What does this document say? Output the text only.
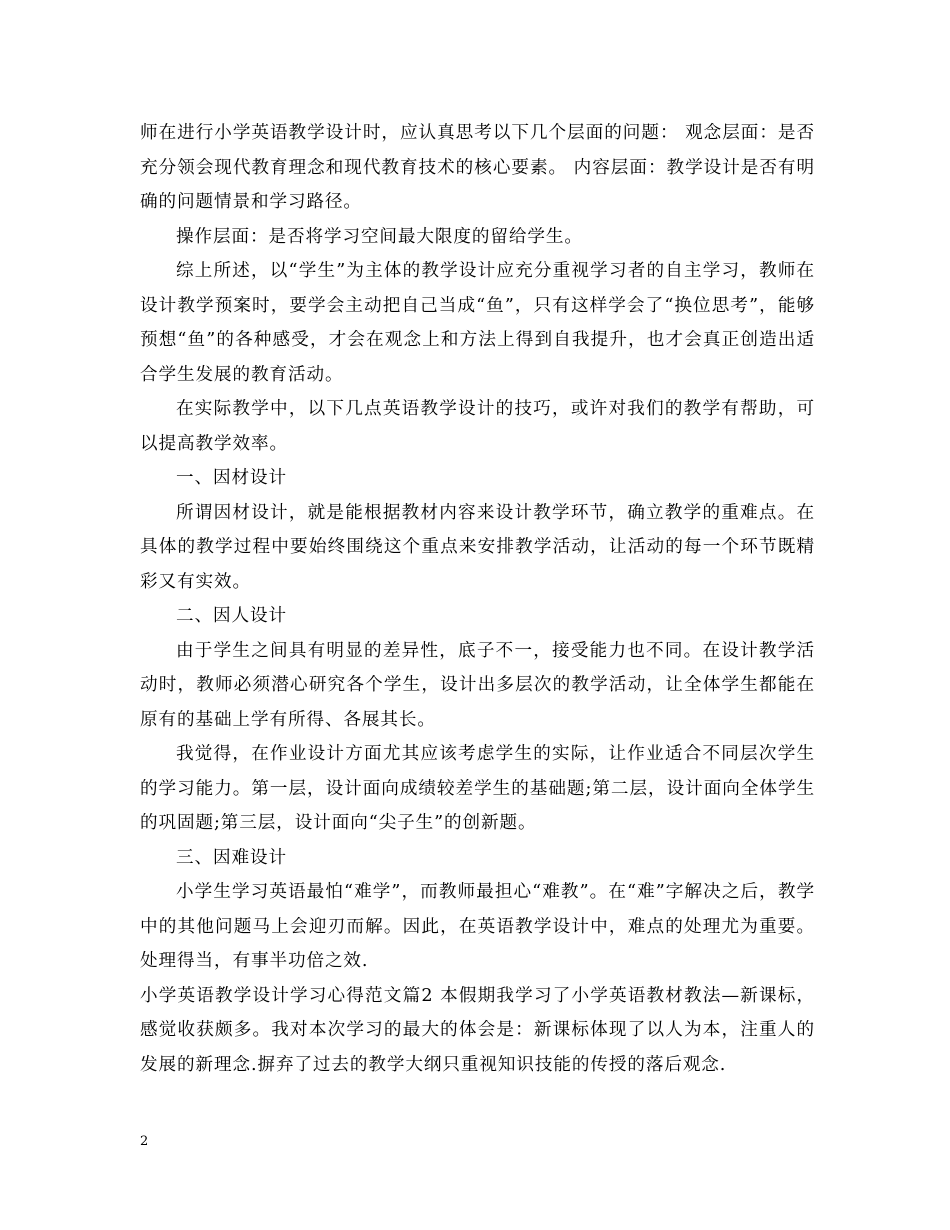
师在进行小学英语教学设计时，应认真思考以下几个层面的问题： 观念层面：是否充分领会现代教育理念和现代教育技术的核心要素。 内容层面：教学设计是否有明确的问题情景和学习路径。

操作层面：是否将学习空间最大限度的留给学生。

综上所述，以“学生”为主体的教学设计应充分重视学习者的自主学习，教师在设计教学预案时，要学会主动把自己当成“鱼”，只有这样学会了“换位思考”，能够预想“鱼”的各种感受，才会在观念上和方法上得到自我提升，也才会真正创造出适合学生发展的教育活动。

在实际教学中，以下几点英语教学设计的技巧，或许对我们的教学有帮助，可以提高教学效率。

一、因材设计

所谓因材设计，就是能根据教材内容来设计教学环节，确立教学的重难点。在具体的教学过程中要始终围绕这个重点来安排教学活动，让活动的每一个环节既精彩又有实效。

二、因人设计

由于学生之间具有明显的差异性，底子不一，接受能力也不同。在设计教学活动时，教师必须潜心研究各个学生，设计出多层次的教学活动，让全体学生都能在原有的基础上学有所得、各展其长。

我觉得，在作业设计方面尤其应该考虑学生的实际，让作业适合不同层次学生的学习能力。第一层，设计面向成绩较差学生的基础题;第二层，设计面向全体学生的巩固题;第三层，设计面向“尖子生”的创新题。

三、因难设计

小学生学习英语最怕“难学”，而教师最担心“难教”。在“难”字解决之后，教学中的其他问题马上会迎刃而解。因此，在英语教学设计中，难点的处理尤为重要。处理得当，有事半功倍之效.

小学英语教学设计学习心得范文篇2 本假期我学习了小学英语教材教法—新课标，感觉收获颇多。我对本次学习的最大的体会是：新课标体现了以人为本，注重人的发展的新理念.摒弃了过去的教学大纲只重视知识技能的传授的落后观念.

2
